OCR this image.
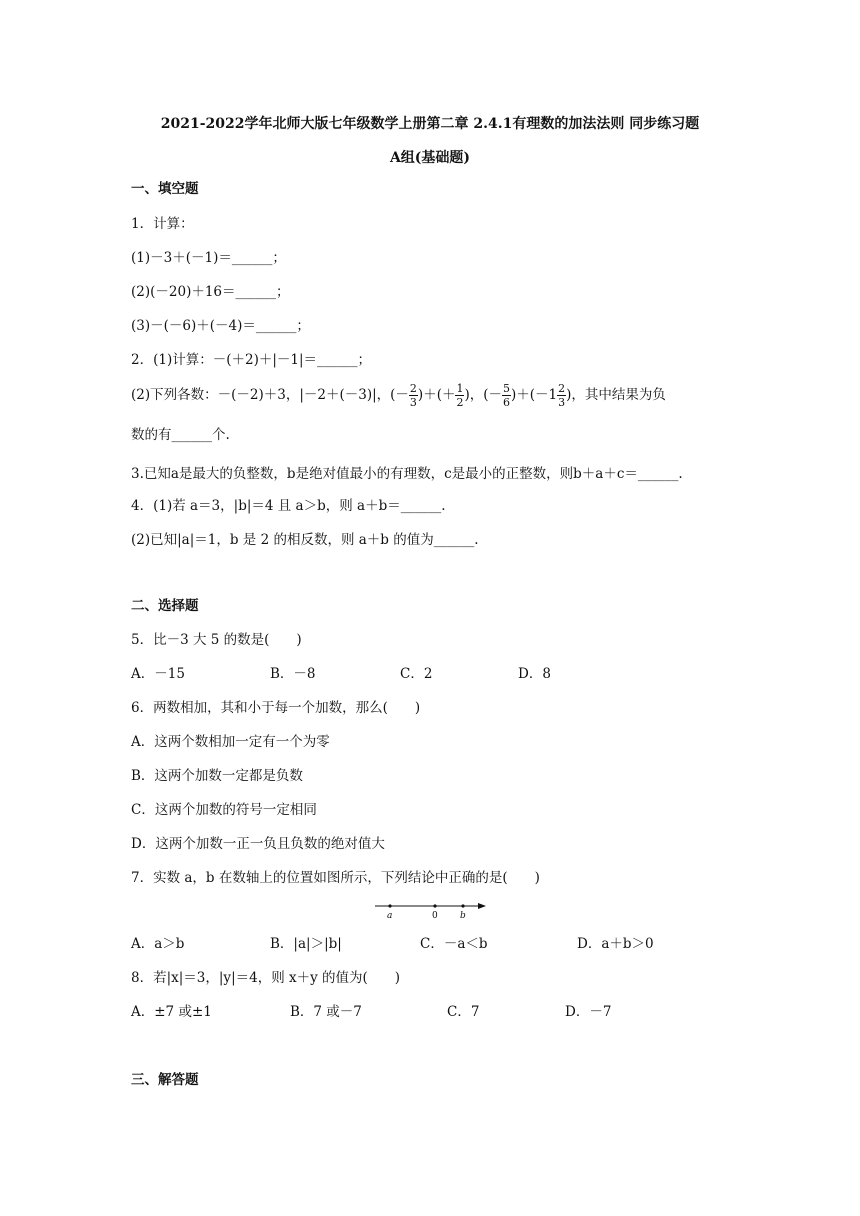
2021-2022学年北师大版七年级数学上册第二章 2.4.1有理数的加法法则 同步练习题
A组(基础题)
一、填空题
1．计算：
(1)－3＋(－1)＝______；
(2)(－20)＋16＝______；
(3)－(－6)＋(－4)＝______；
2．(1)计算：－(＋2)＋|－1|＝______；
(2)下列各数：－(－2)＋3，|－2＋(－3)|，(－ $\frac{2}{3}$ )＋(＋ $\frac{1}{2}$ )，(－ $\frac{5}{6} )+(-1 \frac{2}{3}$ )，其中结果为负
数的有______个.
3.已知a是最大的负整数，b是绝对值最小的有理数，c是最小的正整数，则b＋a＋c＝______.
4．(1)若 a＝3，|b|＝4 且 a＞b，则 a＋b＝______.
(2)已知|a|＝1，b 是 2 的相反数，则 a＋b 的值为______.
二、选择题
5．比－3 大 5 的数是(　　)
A．－15	B．－8	C．2	D．8
6．两数相加，其和小于每一个加数，那么(　　)
A．这两个数相加一定有一个为零
B．这两个加数一定都是负数
C．这两个加数的符号一定相同
D．这两个加数一正一负且负数的绝对值大
7．实数 a，b 在数轴上的位置如图所示，下列结论中正确的是(　　)
a	0 b
A．a＞b	B．|a|＞|b|	C．－a＜b	D．a＋b＞0
8．若|x|＝3，|y|＝4，则 x＋y 的值为(　　)
A．±7 或±1	B．7 或－7	C．7	D．－7
三、解答题
